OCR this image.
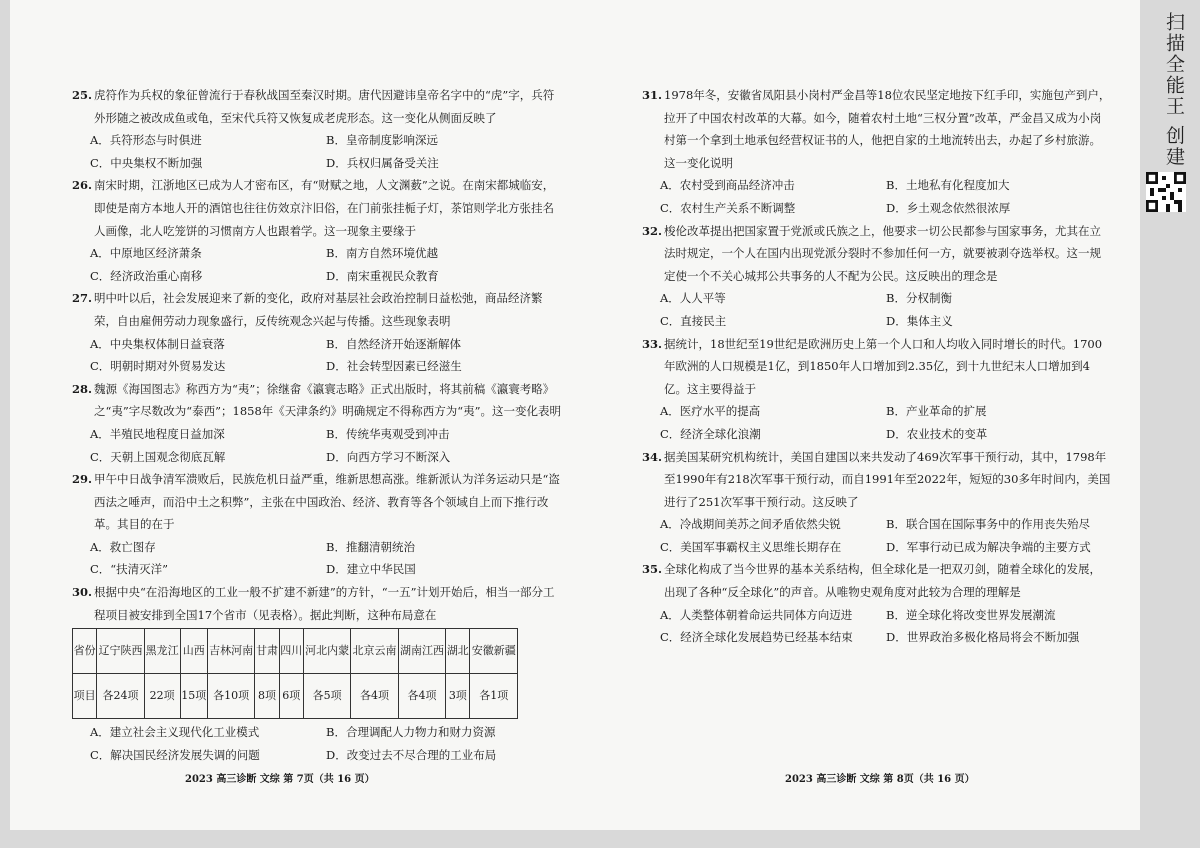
25. 虎符作为兵权的象征曾流行于春秋战国至秦汉时期。唐代因避讳皇帝名字中的“虎”字，兵符外形随之被改成鱼或龟，至宋代兵符又恢复成老虎形态。这一变化从侧面反映了
A．兵符形态与时俱进	B．皇帝制度影响深远
C．中央集权不断加强	D．兵权归属备受关注
26. 南宋时期，江浙地区已成为人才密布区，有“财赋之地，人文渊薮”之说。在南宋都城临安，即使是南方本地人开的酒馆也往往仿效京汴旧俗，在门前张挂栀子灯，茶馆则学北方张挂名人画像，北人吃笼饼的习惯南方人也跟着学。这一现象主要缘于
A．中原地区经济萧条	B．南方自然环境优越
C．经济政治重心南移	D．南宋重视民众教育
27. 明中叶以后，社会发展迎来了新的变化，政府对基层社会政治控制日益松弛，商品经济繁荣，自由雇佣劳动力现象盛行，反传统观念兴起与传播。这些现象表明
A．中央集权体制日益衰落	B．自然经济开始逐渐解体
C．明朝时期对外贸易发达	D．社会转型因素已经滋生
28. 魏源《海国图志》称西方为“夷”；徐继畲《瀛寰志略》正式出版时，将其前稿《瀛寰考略》之“夷”字尽数改为“泰西”；1858年《天津条约》明确规定不得称西方为“夷”。这一变化表明
A．半殖民地程度日益加深	B．传统华夷观受到冲击
C．天朝上国观念彻底瓦解	D．向西方学习不断深入
29. 甲午中日战争清军溃败后，民族危机日益严重，维新思想高涨。维新派认为洋务运动只是“盗西法之唾声，而沿中土之积弊”，主张在中国政治、经济、教育等各个领域自上而下推行改革。其目的在于
A．救亡图存	B．推翻清朝统治
C．“扶清灭洋”	D．建立中华民国
30. 根据中央“在沿海地区的工业一般不扩建不新建”的方针，“一五”计划开始后，相当一部分工程项目被安排到全国17个省市（见表格）。据此判断，这种布局意在
省份	辽宁陕西	黑龙江	山西	吉林河南	甘肃	四川	河北内蒙	北京云南	湖南江西	湖北	安徽新疆
项目	各24项	22项	15项	各10项	8项	6项	各5项	各4项	各4项	3项	各1项
A．建立社会主义现代化工业模式	B．合理调配人力物力和财力资源
C．解决国民经济发展失调的问题	D．改变过去不尽合理的工业布局
31. 1978年冬，安徽省凤阳县小岗村严金昌等18位农民坚定地按下红手印，实施包产到户，拉开了中国农村改革的大幕。如今，随着农村土地“三权分置”改革，严金昌又成为小岗村第一个拿到土地承包经营权证书的人，他把自家的土地流转出去，办起了乡村旅游。这一变化说明
A．农村受到商品经济冲击	B．土地私有化程度加大
C．农村生产关系不断调整	D．乡土观念依然很浓厚
32. 梭伦改革提出把国家置于党派或氏族之上，他要求一切公民都参与国家事务，尤其在立法时规定，一个人在国内出现党派分裂时不参加任何一方，就要被剥夺选举权。这一规定使一个不关心城邦公共事务的人不配为公民。这反映出的理念是
A．人人平等	B．分权制衡
C．直接民主	D．集体主义
33. 据统计，18世纪至19世纪是欧洲历史上第一个人口和人均收入同时增长的时代。1700年欧洲的人口规模是1亿，到1850年人口增加到2.35亿，到十九世纪末人口增加到4亿。这主要得益于
A．医疗水平的提高	B．产业革命的扩展
C．经济全球化浪潮	D．农业技术的变革
34. 据美国某研究机构统计，美国自建国以来共发动了469次军事干预行动，其中，1798年至1990年有218次军事干预行动，而自1991年至2022年，短短的30多年时间内，美国进行了251次军事干预行动。这反映了
A．冷战期间美苏之间矛盾依然尖锐	B．联合国在国际事务中的作用丧失殆尽
C．美国军事霸权主义思维长期存在	D．军事行动已成为解决争端的主要方式
35. 全球化构成了当今世界的基本关系结构，但全球化是一把双刃剑，随着全球化的发展，出现了各种“反全球化”的声音。从唯物史观角度对此较为合理的理解是
A．人类整体朝着命运共同体方向迈进	B．逆全球化将改变世界发展潮流
C．经济全球化发展趋势已经基本结束	D．世界政治多极化格局将会不断加强
2023 高三诊断 文综 第 7页（共 16 页）	2023 高三诊断 文综 第 8页（共 16 页）
扫描全能王 创建
